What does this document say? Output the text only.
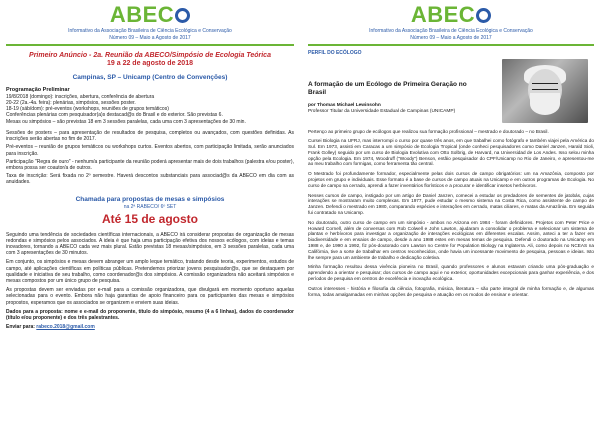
ABEC
Informativo da Associação Brasileira de Ciência Ecológica e Conservação
Número 09 – Maio a Agosto de 2017
Primeiro Anúncio - 2a. Reunião da ABECO/Simpósio de Ecologia Teórica
19 a 22 de agosto de 2018
Campinas, SP – Unicamp (Centro de Convenções)
Programação Preliminar
19/8/2018 (domingo): inscrições, abertura, conferência de abertura
20-22 (2a.-4a. feira): plenárias, simpósios, sessões poster.
18-19 (sáb/dom): pré-eventos (workshops, reuniões de grupos temáticos)
Conferências plenárias com pesquisador(a)s destacad@s do Brasil e do exterior. São previstas 6.
Mesas ou simpósios – são previstas 18 em 3 sessões paralelas, cada uma com 3 apresentações de 30 min.
Sessões de posters – para apresentação de resultados de pesquisa, completos ou avançados, com questões definidas. As inscrições serão abertas no fim de 2017.
Pré-eventos – reunião de grupos temáticos ou workshops curtos. Eventos abertos, com participação limitada, serão anunciados para inscrição.
Participação "Regra de ouro" - nenhum/a participante da reunião poderá apresentar mais de dois trabalhos (palestra e/ou poster), embora possa ser coautor/a de outros.
Taxa de inscrição: Será fixada no 2º semestre. Haverá descontos substanciais para associad@s da ABECO em dia com as anuidades.
Chamada para propostas de mesas e simpósios
na 2ª RABECO/ 6º SET
Até 15 de agosto
Seguindo uma tendência de sociedades científicas internacionais, a ABECO irá considerar propostas de organização de mesas redondas e simpósios pelos associados. A ideia é que haja uma participação efetiva dos nossos ecólogos, com ideias e temas inovadores, tornando a ABECO cada vez mais plural. Estão previstas 18 mesas/simpósios, em 3 sessões paralelas, cada uma com 3 apresentações de 30 minutos.
Em conjunto, os simpósios e mesas devem abranger um amplo leque temático, tratando desde teoria, experimentos, estudos de campo, até aplicações científicas em políticas públicas. Pretendemos priorizar jovens pesquisador@s, que se destaquem por qualidade e iniciativa de seu trabalho, como coordenador@s dos simpósios. A comissão organizadora não aceitará simpósios e mesas compostos por um único grupo de pesquisa.
As propostas devem ser enviadas por e-mail para a comissão organizadora, que divulgará em momento oportuno aquelas selecionadas para o evento. Embora não haja garantias de apoio financeiro para os participantes das mesas e simpósios propostos, esperamos que os associados se organizem e enviem suas ideias.
Dados para a proposta: nome e e-mail do proponente, título do simpósio, resumo (4 a 6 linhas), dados do coordenador (título e/ou proponente) e dos três palestrantes.
Enviar para: rabeco.2018@gmail.com
ABEC
Informativo da Associação Brasileira de Ciência Ecológica e Conservação
Número 09 – Maio a Agosto de 2017
PERFIL DO ECÓLOGO
A formação de um Ecólogo de Primeira Geração no Brasil
por Thomas Michael Lewinsohn
Professor Titular da Universidade Estadual de Campinas (UNICAMP)
Pertenço ao primeiro grupo de ecólogos que realizou sua formação profissional – mestrado e doutorado – no Brasil.
Cursei Biologia na UFRJ, mas interrompi o curso por quase três anos, em que trabalhei como fotógrafo e também viajei pela América do Sul. Em 1973, assisti em Caracas a um simpósio de Ecologia Tropical (onde conheci pesquisadores como Daniel Janzen, Harald Sioli, Frank Golley) seguido por um curso de Biologia Evolutiva com Otto Solbrig, de Harvard, na Universidad de Los Andes. Isso selou minha opção pela Ecologia. Em 1974, Woodruff ("Woody") Benson, entãio pesquisador do CPF/Unicamp no Rio de Janeiro, e apresentou-me ao meu trabalho com formigas, como ferramenta tão central.
O Mestrado foi profundamente formador, especialmente pelas dois cursos de campo obrigatórios: um na Amazônia, composto por projetos em grupo e individuais. Esse formato é a base de cursos de campo atuais na Unicamp e em outros programas de Ecologia. No curso de campo na cerrado, aprendi a fazer inventários florísticos e a procurar e identificar insetos herbívoros.
Nesses cursos de campo, instigado por um artigo de Daniel Janzen, comecei a estudar os predadores de sementes de jatobás, cujas interações se mostraram muito complexas. Em 1977, pude estudar o mesmo sistema na Costa Rica, como assistente de campo de Janzen. Defendi o mestrado em 1980, comparando espécies e interações em cerrado, matas ciliares, e matas da Amazônia. Em seguida fui contratado na Unicamp.
No doutorado, outro curso de campo em um simpósio - ambos no Arizona em 1984 - foram definidores. Projetos com Peter Price e Howard Cornell, além de conversas com Rob Colwell e John Lawton, ajudaram a consolidar o problema e selecionar um sistema de plantas e herbívoros para investigar a organização de interações ecológicas em diferentes escalas. Assim, anteci a ter a fazer em biodiversidade e em ensaios de campo, desde a ano 1988 estes em mesas temas de pesquisa. Defendi o doutorado na Unicamp em 1988 e, de 1990 a 1992, fiz pós-doutorado com Lawton no Centre for Population Biology na Inglaterra. Ali, como depois no NCEAS na Califórnia, tive a sorte de trabalhar em centros reconhecidos, onde havia um incessante movimento de pesquisa, pessoas e ideias. Isto lhe sempre para um ambiente de trabalho e dedicação coletiva.
Minha formação resultou dessa vivência pioneira no Brasil, quando professores e alunos estavam criando uma pós-graduação e aprendendo a orientar e pesquisar; dos cursos de campo aqui e no exterior, oportunidades excepcionais para ganhar experiência, e dos períodos de pesquisa em centros de excelência e inovação ecológica.
Outros interesses - história e filosofia da ciência, fotografia, música, literatura – são parte integral de minha formação e, de algumas forma, todas amalgamadas em minhas opções de pesquisa e atuação em os modos de ensinar e orientar.
